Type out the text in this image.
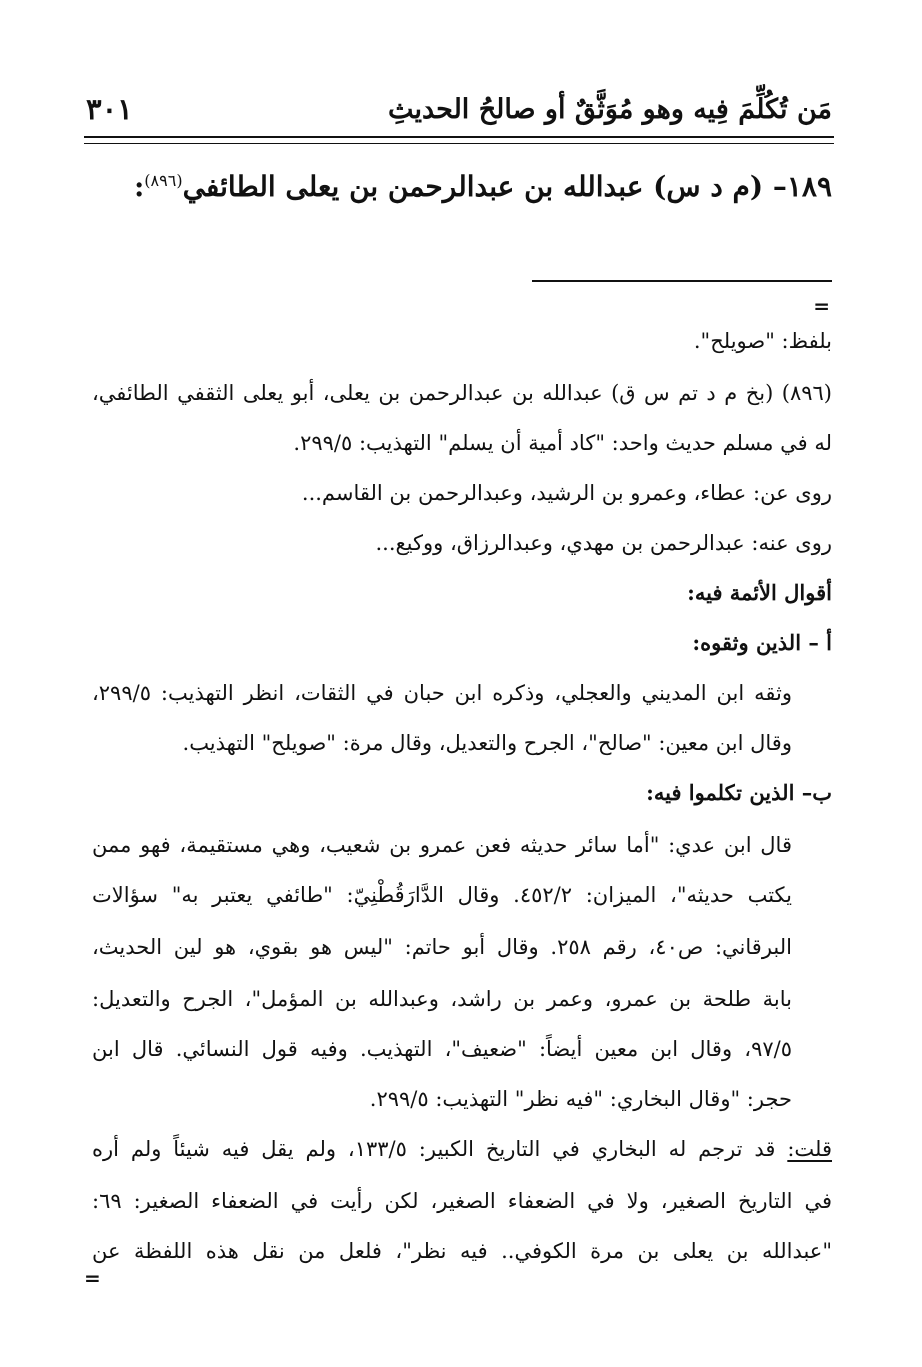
مَن تُكُلِّمَ فِيه وهو مُوَثَّقٌ أو صالحُ الحديثِ
٣٠١
١٨٩– (م د س) عبدالله بن عبدالرحمن بن يعلى الطائفي$^{(٨٩٦)}$:
=
بلفظ: "صويلح".
(٨٩٦) (بخ م د تم س ق) عبدالله بن عبدالرحمن بن يعلى، أبو يعلى الثقفي الطائفي،
له في مسلم حديث واحد: "كاد أمية أن يسلم" التهذيب: ٢٩٩/٥.
روى عن: عطاء، وعمرو بن الرشيد، وعبدالرحمن بن القاسم...
روى عنه: عبدالرحمن بن مهدي، وعبدالرزاق، ووكيع...
أقوال الأئمة فيه:
أ – الذين وثقوه:
وثقه ابن المديني والعجلي، وذكره ابن حبان في الثقات، انظر التهذيب: ٢٩٩/٥،
وقال ابن معين: "صالح"، الجرح والتعديل، وقال مرة: "صويلح" التهذيب.
ب– الذين تكلموا فيه:
قال ابن عدي: "أما سائر حديثه فعن عمرو بن شعيب، وهي مستقيمة، فهو ممن
يكتب حديثه"، الميزان: ٤٥٢/٢. وقال الدَّارَقُطْنِيّ: "طائفي يعتبر به" سؤالات
البرقاني: ص٤٠، رقم ٢٥٨. وقال أبو حاتم: "ليس هو بقوي، هو لين الحديث،
بابة طلحة بن عمرو، وعمر بن راشد، وعبدالله بن المؤمل"، الجرح والتعديل:
٩٧/٥، وقال ابن معين أيضاً: "ضعيف"، التهذيب. وفيه قول النسائي. قال ابن
حجر: "وقال البخاري: "فيه نظر" التهذيب: ٢٩٩/٥.
قلت: قد ترجم له البخاري في التاريخ الكبير: ١٣٣/٥، ولم يقل فيه شيئاً ولم أره
في التاريخ الصغير، ولا في الضعفاء الصغير، لكن رأيت في الضعفاء الصغير: ٦٩:
"عبدالله بن يعلى بن مرة الكوفي.. فيه نظر"، فلعل من نقل هذه اللفظة عن
=
